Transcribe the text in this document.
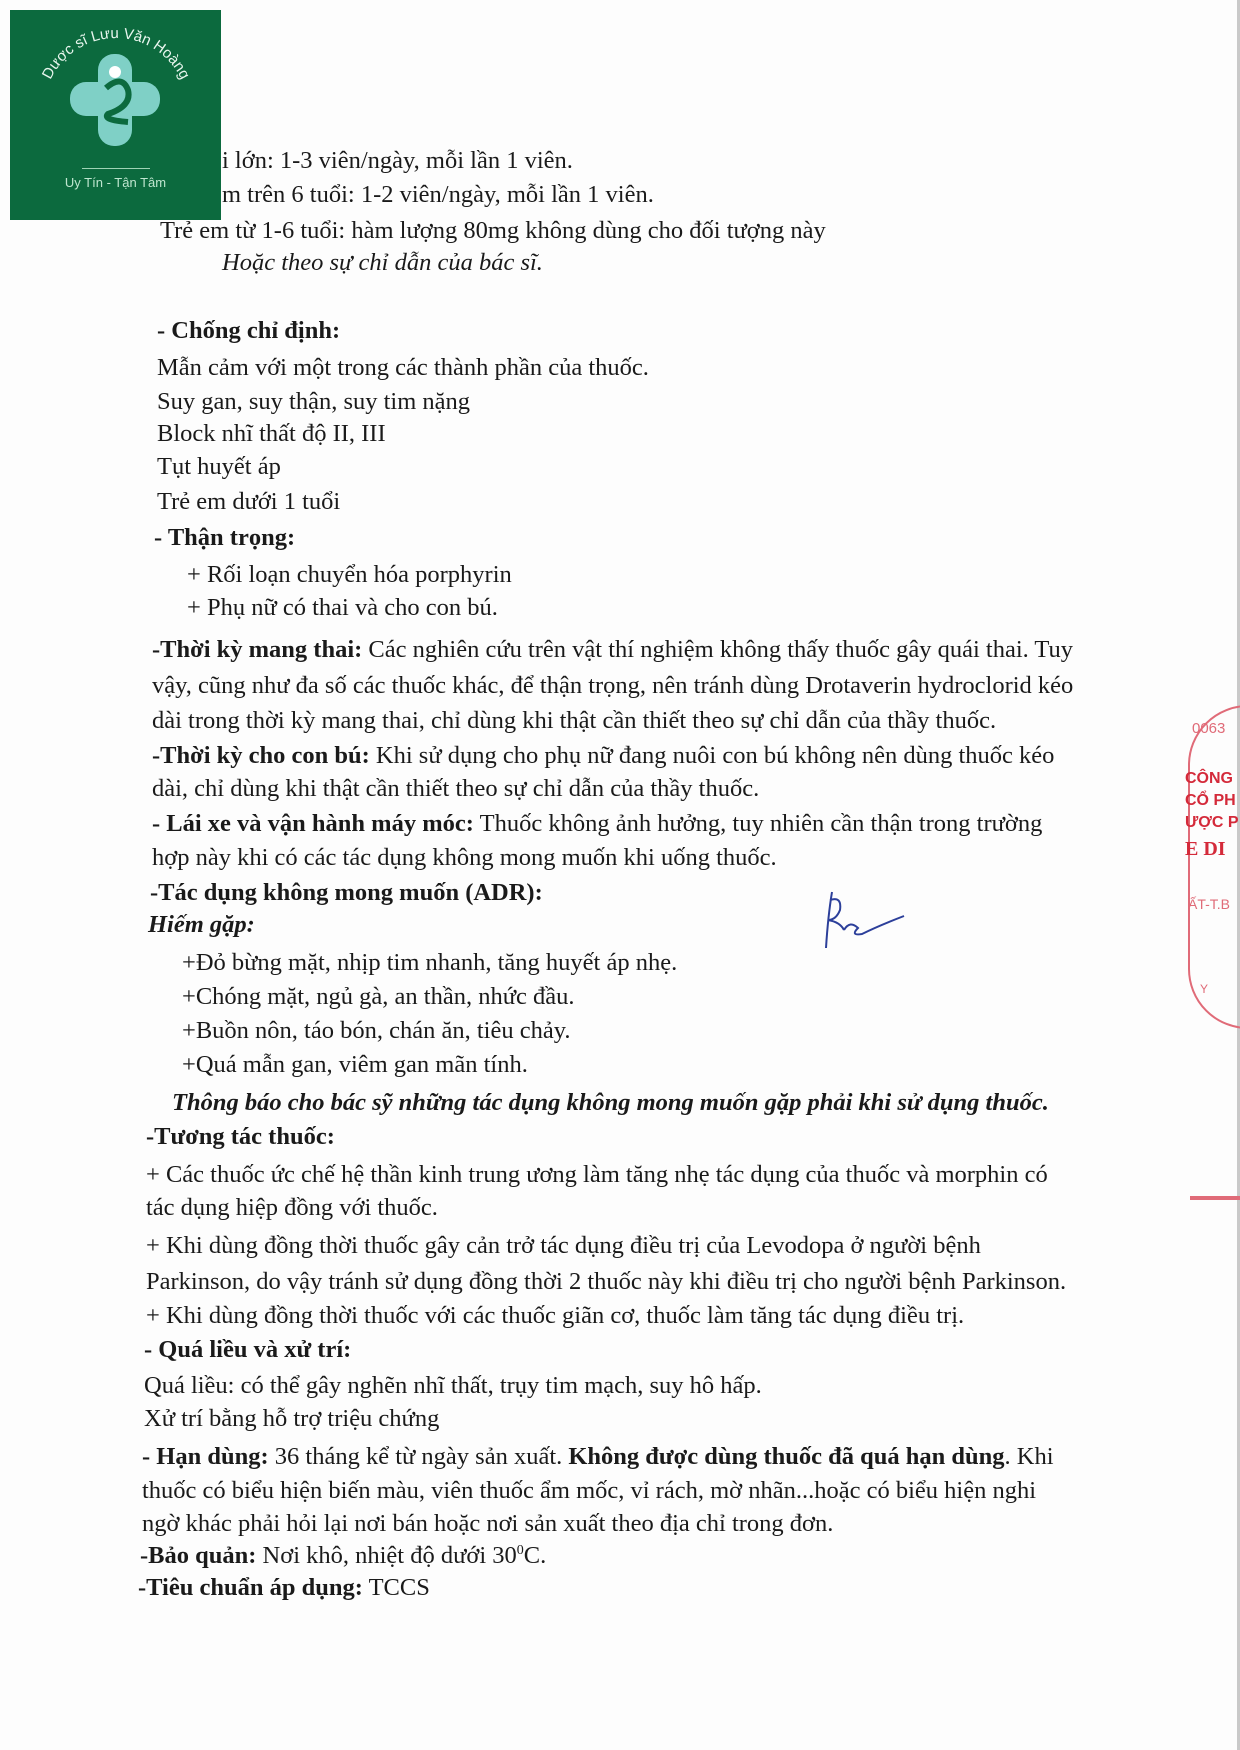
Dược sĩ Lưu Văn Hoàng
Uy Tín - Tận Tâm
i lớn: 1-3 viên/ngày, mỗi lần 1 viên.
m trên 6 tuổi: 1-2 viên/ngày, mỗi lần 1 viên.
Trẻ em từ 1-6 tuổi: hàm lượng 80mg không dùng cho đối tượng này
Hoặc theo sự chỉ dẫn của bác sĩ.
- Chống chỉ định:
Mẫn cảm với một trong các thành phần của thuốc.
Suy gan, suy thận, suy tim nặng
Block nhĩ thất độ II, III
Tụt huyết áp
Trẻ em dưới 1 tuổi
- Thận trọng:
+ Rối loạn chuyển hóa porphyrin
+ Phụ nữ có thai và cho con bú.
-Thời kỳ mang thai: Các nghiên cứu trên vật thí nghiệm không thấy thuốc gây quái thai. Tuy
vậy, cũng như đa số các thuốc khác, để thận trọng, nên tránh dùng Drotaverin hydroclorid kéo
dài trong thời kỳ mang thai, chỉ dùng khi thật cần thiết theo sự chỉ dẫn của thầy thuốc.
-Thời kỳ cho con bú: Khi sử dụng cho phụ nữ đang nuôi con bú không nên dùng thuốc kéo
dài, chỉ dùng khi thật cần thiết theo sự chỉ dẫn của thầy thuốc.
- Lái xe và vận hành máy móc: Thuốc không ảnh hưởng, tuy nhiên cần thận trong trường
hợp này khi có các tác dụng không mong muốn khi uống thuốc.
-Tác dụng không mong muốn (ADR):
Hiếm gặp:
+Đỏ bừng mặt, nhịp tim nhanh, tăng huyết áp nhẹ.
+Chóng mặt, ngủ gà, an thần, nhức đầu.
+Buồn nôn, táo bón, chán ăn, tiêu chảy.
+Quá mẫn gan, viêm gan mãn tính.
Thông báo cho bác sỹ những tác dụng không mong muốn gặp phải khi sử dụng thuốc.
-Tương tác thuốc:
+ Các thuốc ức chế hệ thần kinh trung ương làm tăng nhẹ tác dụng của thuốc và morphin có
tác dụng hiệp đồng với thuốc.
+ Khi dùng đồng thời thuốc gây cản trở tác dụng điều trị của Levodopa ở người bệnh
Parkinson, do vậy tránh sử dụng đồng thời 2 thuốc này khi điều trị cho người bệnh Parkinson.
+ Khi dùng đồng thời thuốc với các thuốc giãn cơ, thuốc làm tăng tác dụng điều trị.
- Quá liều và xử trí:
Quá liều: có thể gây nghẽn nhĩ thất, trụy tim mạch, suy hô hấp.
Xử trí bằng hỗ trợ triệu chứng
- Hạn dùng: 36 tháng kể từ ngày sản xuất. Không được dùng thuốc đã quá hạn dùng. Khi
thuốc có biểu hiện biến màu, viên thuốc ẩm mốc, vỉ rách, mờ nhãn...hoặc có biểu hiện nghi
ngờ khác phải hỏi lại nơi bán hoặc nơi sản xuất theo địa chỉ trong đơn.
-Bảo quản: Nơi khô, nhiệt độ dưới $30^0C$.
-Tiêu chuẩn áp dụng: TCCS
0063
CÔNG
CỔ PH
ƯỢC P
E DI
ẤT-T.B
Y
